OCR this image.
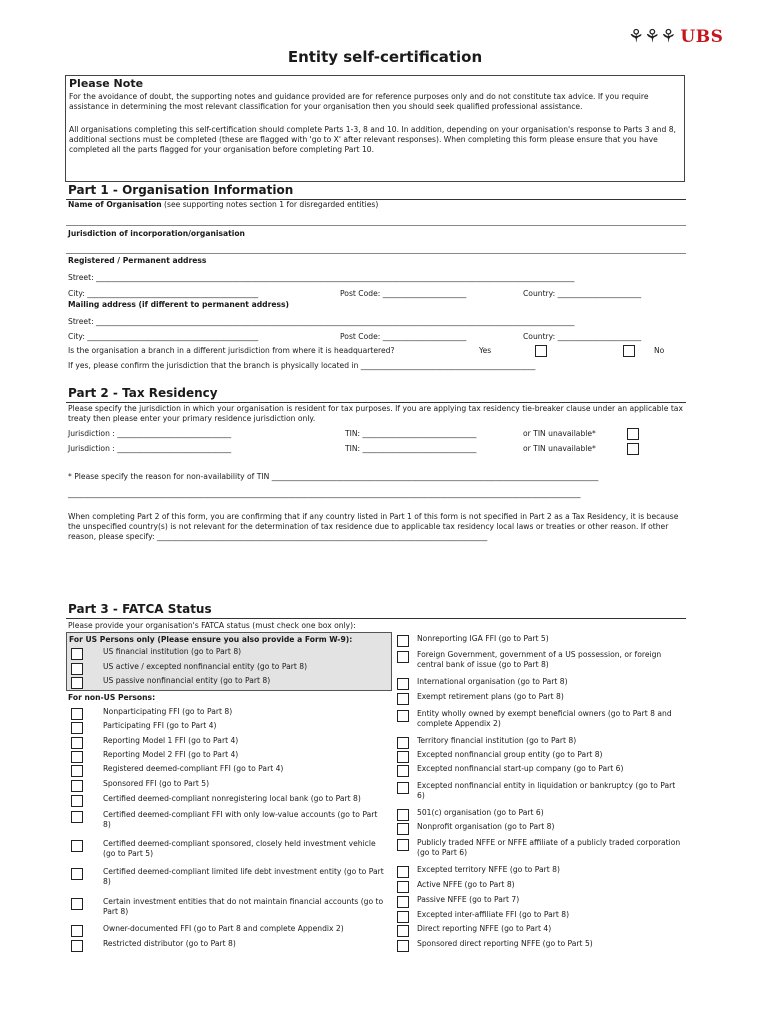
⚘⚘⚘ UBS
Entity self-certification
Please Note
For the avoidance of doubt, the supporting notes and guidance provided are for reference purposes only and do not constitute tax advice. If you require assistance in determining the most relevant classification for your organisation then you should seek qualified professional assistance.
All organisations completing this self-certification should complete Parts 1-3, 8 and 10. In addition, depending on your organisation's response to Parts 3 and 8, additional sections must be completed (these are flagged with 'go to X' after relevant responses). When completing this form please ensure that you have completed all the parts flagged for your organisation before completing Part 10.
Part 1 - Organisation Information
Name of Organisation (see supporting notes section 1 for disregarded entities)
Jurisdiction of incorporation/organisation
Registered / Permanent address
Street: ______________________________________________________________________________________________________________________________
City: _____________________________________________	Post Code: ______________________	Country: ______________________
Mailing address (if different to permanent address)
Street: ______________________________________________________________________________________________________________________________
City: _____________________________________________	Post Code: ______________________	Country: ______________________
Is the organisation a branch in a different jurisdiction from where it is headquartered?	Yes	No
If yes, please confirm the jurisdiction that the branch is physically located in ______________________________________________
Part 2 - Tax Residency
Please specify the jurisdiction in which your organisation is resident for tax purposes. If you are applying tax residency tie-breaker clause under an applicable tax treaty then please enter your primary residence jurisdiction only.
Jurisdiction : ______________________________	TIN: ______________________________	or TIN unavailable*
Jurisdiction : ______________________________	TIN: ______________________________	or TIN unavailable*
* Please specify the reason for non-availability of TIN ______________________________________________________________________________________
_______________________________________________________________________________________________________________________________________
When completing Part 2 of this form, you are confirming that if any country listed in Part 1 of this form is not specified in Part 2 as a Tax Residency, it is because the unspecified country(s) is not relevant for the determination of tax residence due to applicable tax residency local laws or treaties or other reason. If other reason, please specify: _______________________________________________________________________________________
Part 3 - FATCA Status
Please provide your organisation's FATCA status (must check one box only):
For US Persons only (Please ensure you also provide a Form W-9):
For non-US Persons:
US financial institution (go to Part 8)
US active / excepted nonfinancial entity (go to Part 8)
US passive nonfinancial entity (go to Part 8)
Nonparticipating FFI (go to Part 8)
Participating FFI (go to Part 4)
Reporting Model 1 FFI (go to Part 4)
Reporting Model 2 FFI (go to Part 4)
Registered deemed-compliant FFI (go to Part 4)
Sponsored FFI (go to Part 5)
Certified deemed-compliant nonregistering local bank (go to Part 8)
Certified deemed-compliant FFI with only low-value accounts (go to Part 8)
Certified deemed-compliant sponsored, closely held investment vehicle (go to Part 5)
Certified deemed-compliant limited life debt investment entity (go to Part 8)
Certain investment entities that do not maintain financial accounts (go to Part 8)
Owner-documented FFI (go to Part 8 and complete Appendix 2)
Restricted distributor (go to Part 8)
Nonreporting IGA FFI (go to Part 5)
Foreign Government, government of a US possession, or foreign central bank of issue (go to Part 8)
International organisation (go to Part 8)
Exempt retirement plans (go to Part 8)
Entity wholly owned by exempt beneficial owners (go to Part 8 and complete Appendix 2)
Territory financial institution (go to Part 8)
Excepted nonfinancial group entity (go to Part 8)
Excepted nonfinancial start-up company (go to Part 6)
Excepted nonfinancial entity in liquidation or bankruptcy (go to Part 6)
501(c) organisation (go to Part 6)
Nonprofit organisation (go to Part 8)
Publicly traded NFFE or NFFE affiliate of a publicly traded corporation (go to Part 6)
Excepted territory NFFE (go to Part 8)
Active NFFE (go to Part 8)
Passive NFFE (go to Part 7)
Excepted inter-affiliate FFI (go to Part 8)
Direct reporting NFFE (go to Part 4)
Sponsored direct reporting NFFE (go to Part 5)
